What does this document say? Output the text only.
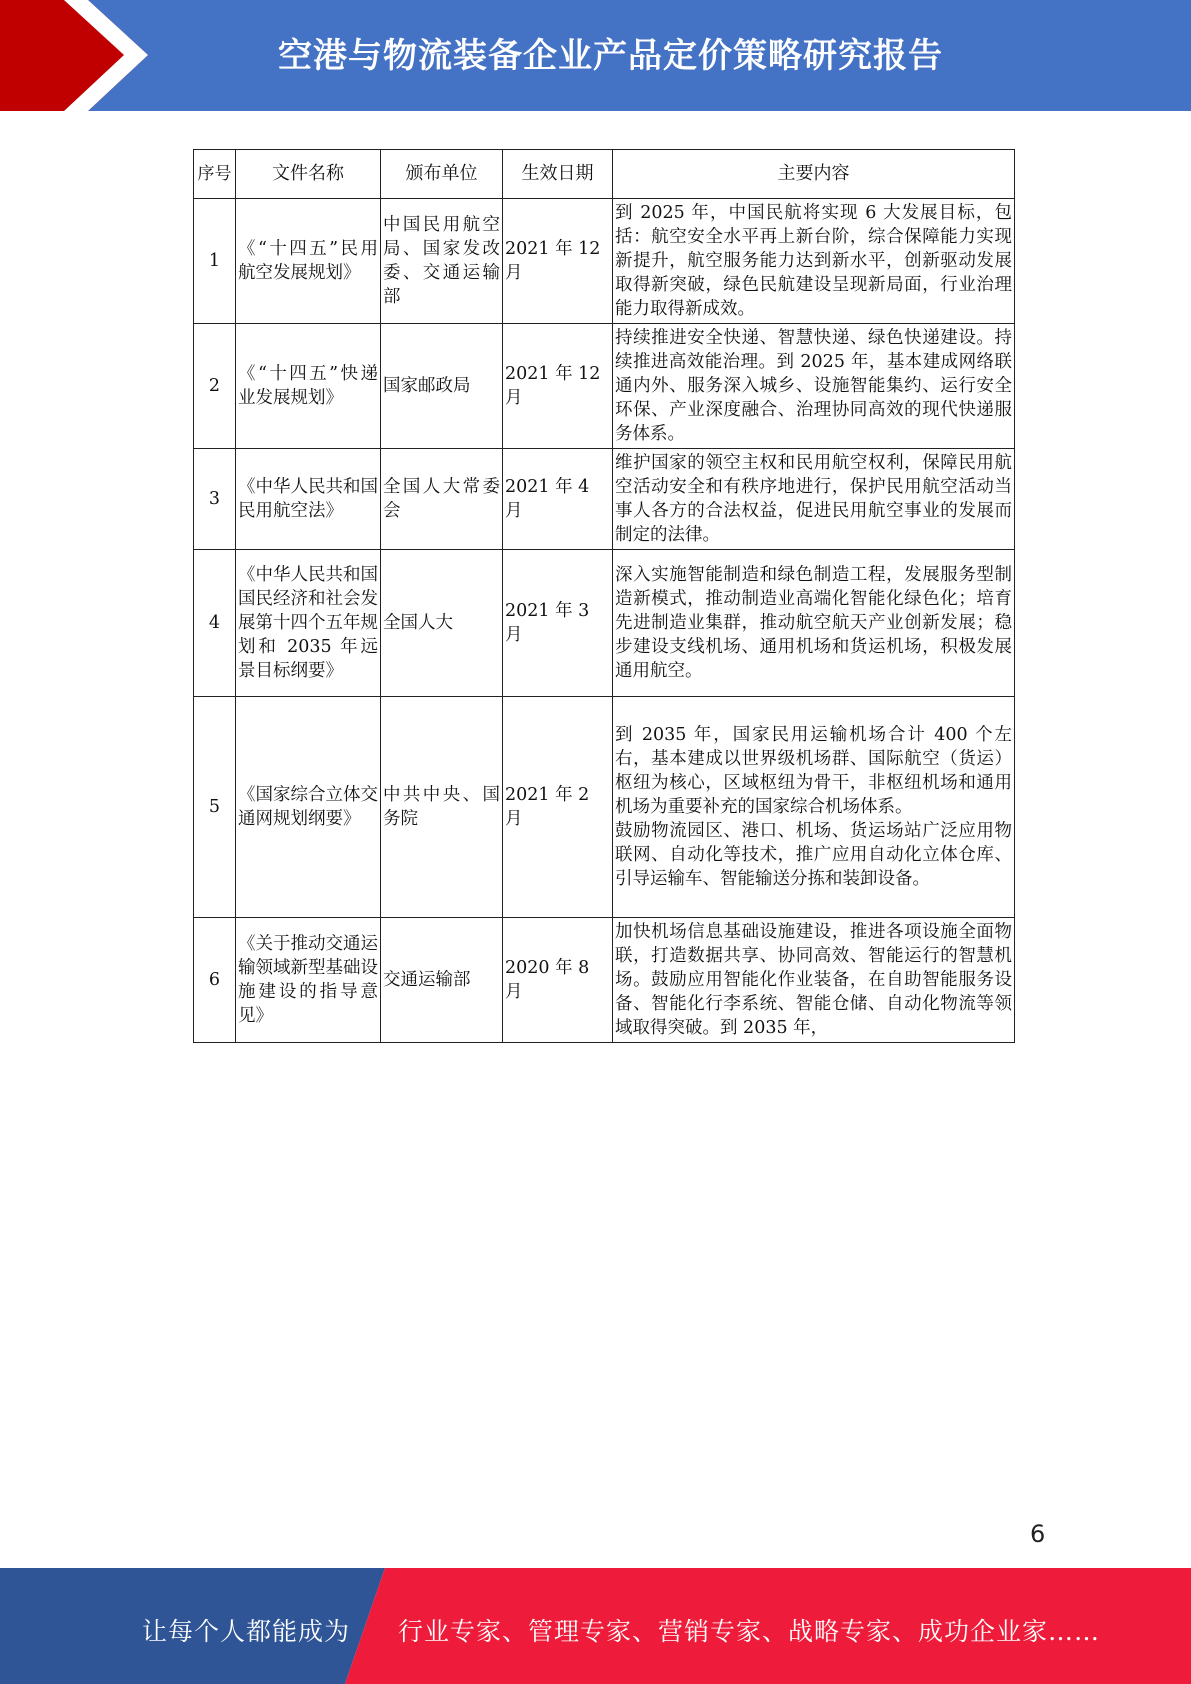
空港与物流装备企业产品定价策略研究报告
序号	文件名称	颁布单位	生效日期	主要内容
1	《“十四五”民用航空发展规划》	中国民用航空局、国家发改委、交通运输部	2021 年 12 月	到 2025 年，中国民航将实现 6 大发展目标，包括：航空安全水平再上新台阶，综合保障能力实现新提升，航空服务能力达到新水平，创新驱动发展取得新突破，绿色民航建设呈现新局面，行业治理能力取得新成效。

2	《“十四五”快递业发展规划》	国家邮政局	2021 年 12 月	持续推进安全快递、智慧快递、绿色快递建设。持续推进高效能治理。到 2025 年，基本建成网络联通内外、服务深入城乡、设施智能集约、运行安全环保、产业深度融合、治理协同高效的现代快递服务体系。

3	《中华人民共和国民用航空法》	全国人大常委会	2021 年 4 月	维护国家的领空主权和民用航空权利，保障民用航空活动安全和有秩序地进行，保护民用航空活动当事人各方的合法权益，促进民用航空事业的发展而制定的法律。

4	《中华人民共和国国民经济和社会发展第十四个五年规划和 2035 年远景目标纲要》	全国人大	2021 年 3 月	深入实施智能制造和绿色制造工程，发展服务型制造新模式，推动制造业高端化智能化绿色化；培育先进制造业集群，推动航空航天产业创新发展；稳步建设支线机场、通用机场和货运机场，积极发展通用航空。

5	《国家综合立体交通网规划纲要》	中共中央、国务院	2021 年 2 月	到 2035 年，国家民用运输机场合计 400 个左右，基本建成以世界级机场群、国际航空（货运）枢纽为核心，区域枢纽为骨干，非枢纽机场和通用机场为重要补充的国家综合机场体系。
鼓励物流园区、港口、机场、货运场站广泛应用物联网、自动化等技术，推广应用自动化立体仓库、引导运输车、智能输送分拣和装卸设备。

6	《关于推动交通运输领域新型基础设施建设的指导意见》	交通运输部	2020 年 8 月	加快机场信息基础设施建设，推进各项设施全面物联，打造数据共享、协同高效、智能运行的智慧机场。鼓励应用智能化作业装备，在自助智能服务设备、智能化行李系统、智能仓储、自动化物流等领域取得突破。到 2035 年，
6
让每个人都能成为 行业专家、管理专家、营销专家、战略专家、成功企业家……
